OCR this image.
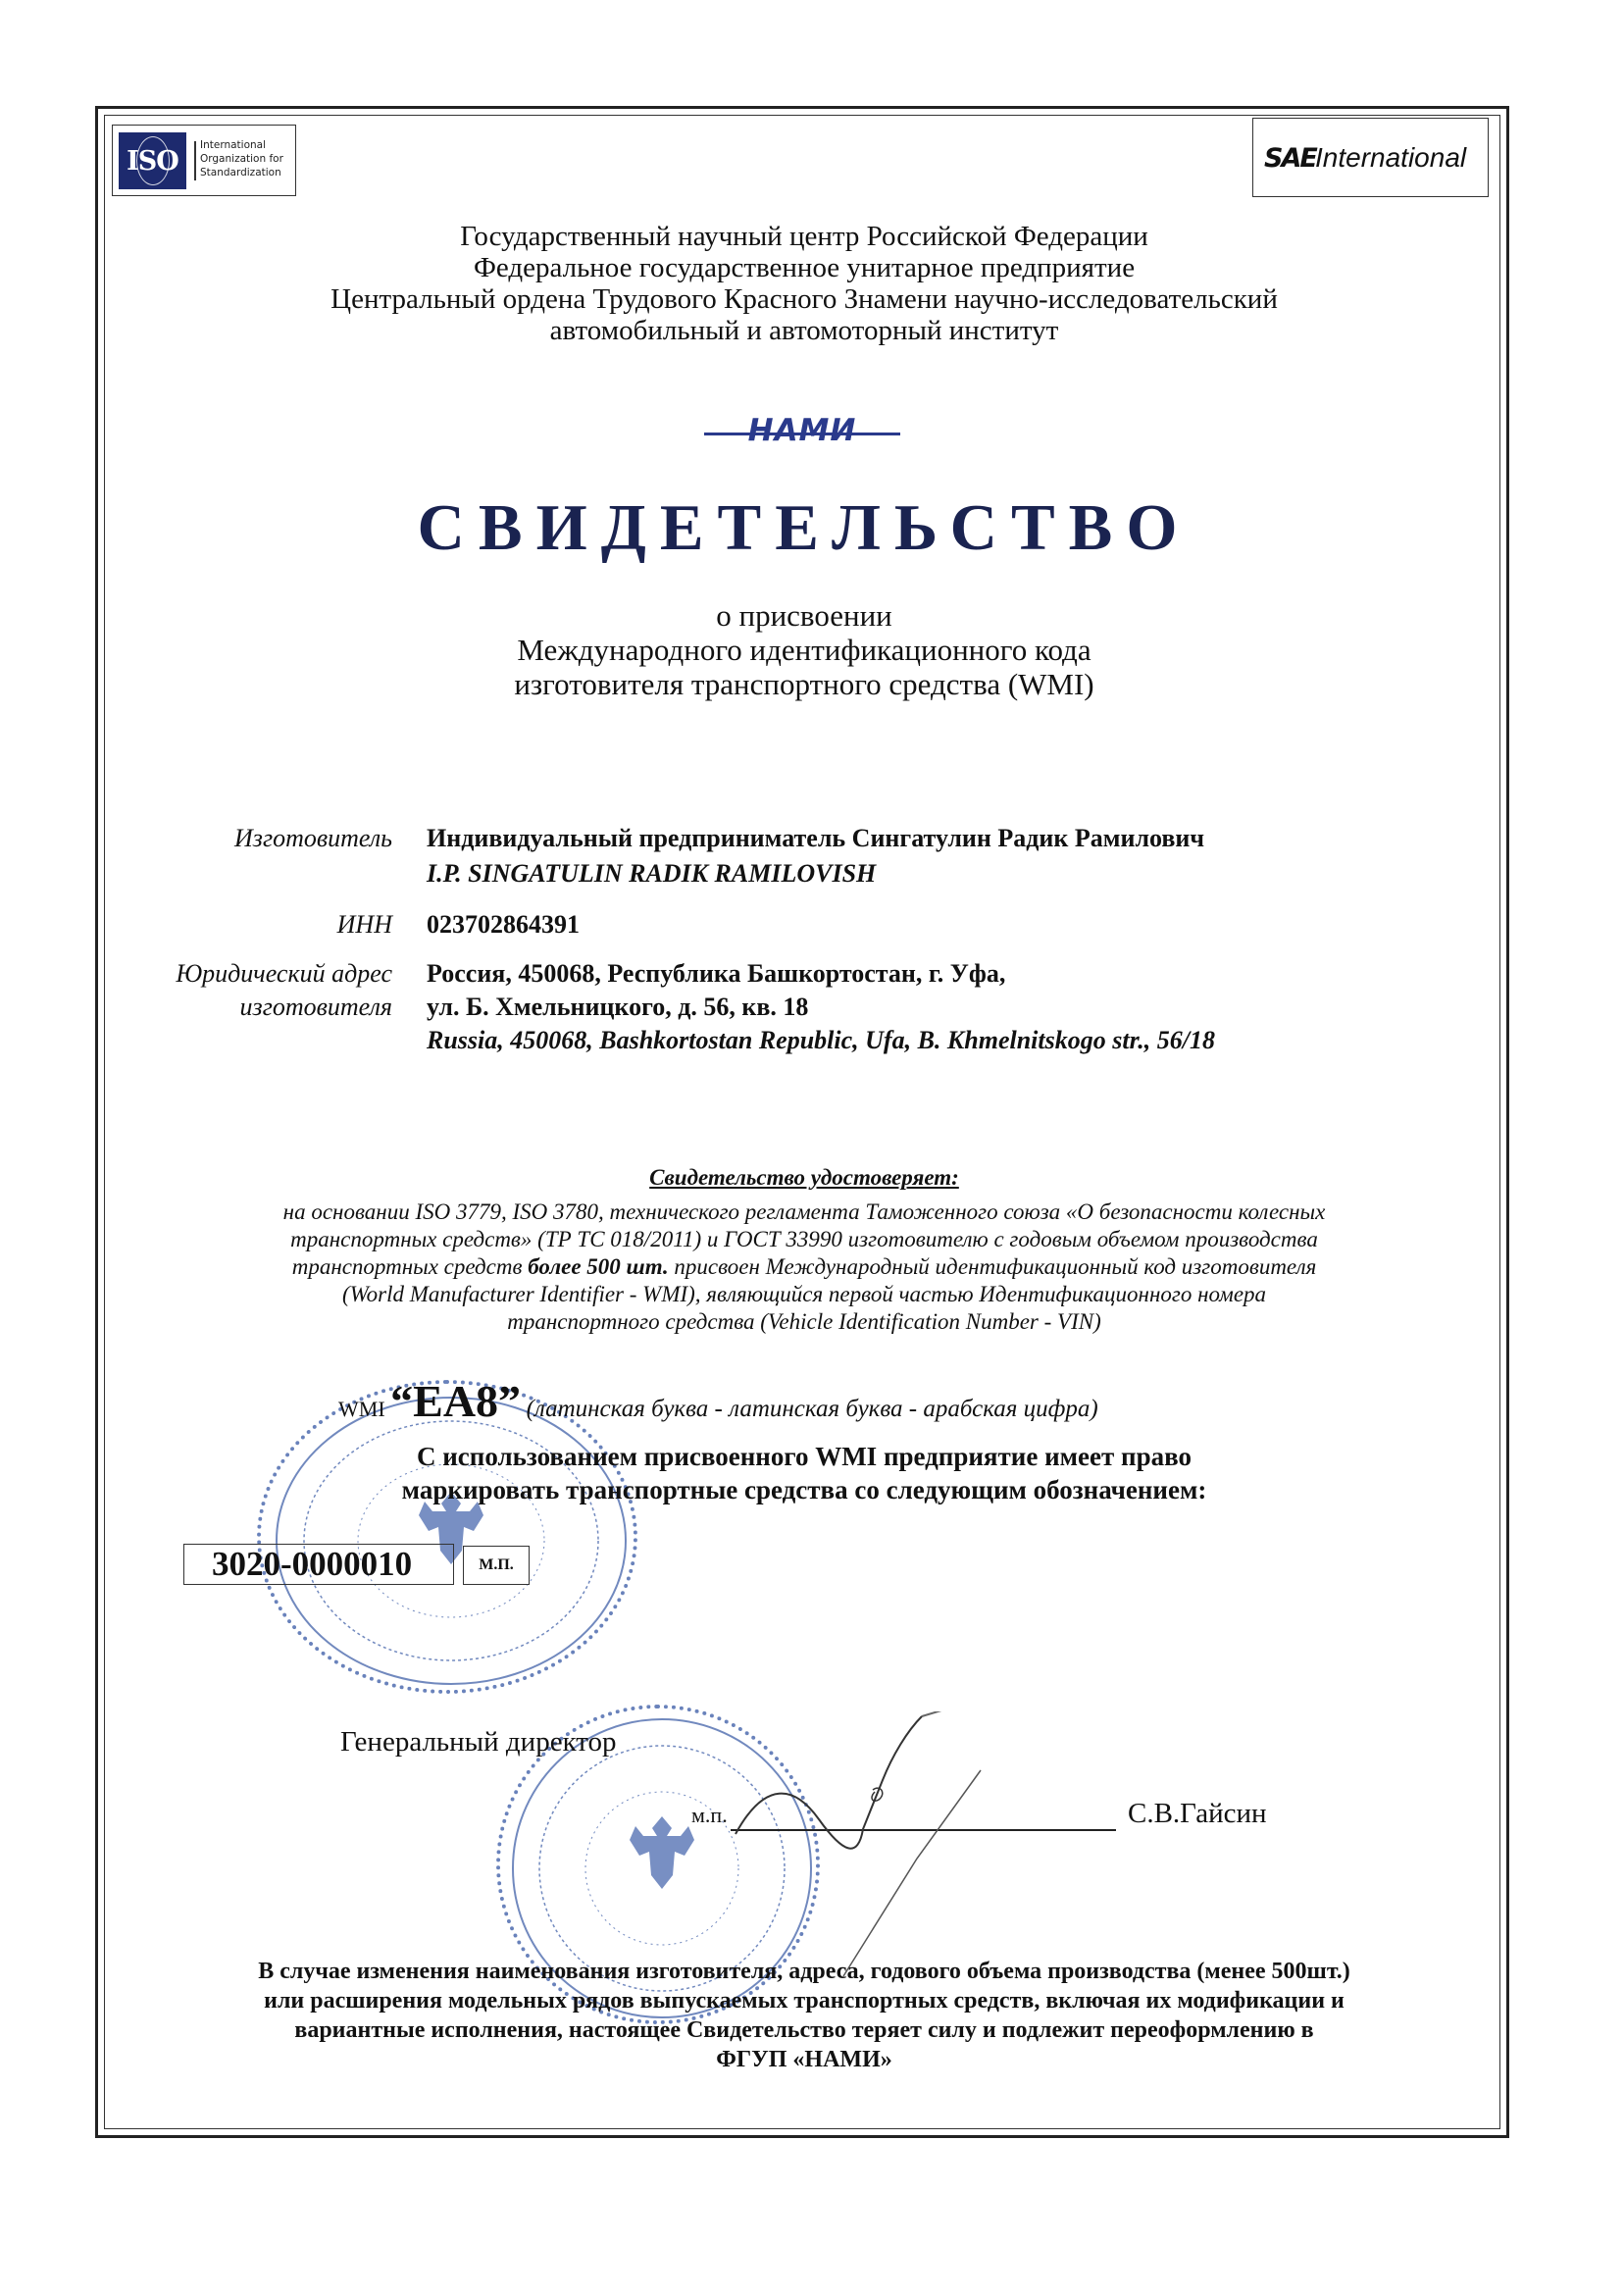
ISO
International
Organization for
Standardization	SAE International
Государственный научный центр Российской Федерации
Федеральное государственное унитарное предприятие
Центральный ордена Трудового Красного Знамени научно-исследовательский
автомобильный и автомоторный институт
НАМИ
СВИДЕТЕЛЬСТВО
о присвоении
Международного идентификационного кода
изготовителя транспортного средства (WMI)
Изготовитель Индивидуальный предприниматель Сингатулин Радик Рамилович
I.P. SINGATULIN RADIK RAMILOVISH
ИНН 023702864391
Юридический адрес
изготовителя
Россия, 450068, Республика Башкортостан, г. Уфа,
ул. Б. Хмельницкого, д. 56, кв. 18
Russia, 450068, Bashkortostan Republic, Ufa, B. Khmelnitskogo str., 56/18
Свидетельство удостоверяет:
на основании ISO 3779, ISO 3780, технического регламента Таможенного союза «О безопасности колесных
транспортных средств» (ТР ТС 018/2011) и ГОСТ 33990 изготовителю с годовым объемом производства
транспортных средств более 500 шт. присвоен Международный идентификационный код изготовителя
(World Manufacturer Identifier - WMI), являющийся первой частью Идентификационного номера
транспортного средства (Vehicle Identification Number - VIN)
WMI “EA8” (латинская буква - латинская буква - арабская цифра)
С использованием присвоенного WMI предприятие имеет право
маркировать транспортные средства со следующим обозначением:
3020-0000010	М.П.
Генеральный директор
м.п.	С.В.Гайсин
В случае изменения наименования изготовителя, адреса, годового объема производства (менее 500шт.)
или расширения модельных рядов выпускаемых транспортных средств, включая их модификации и
вариантные исполнения, настоящее Свидетельство теряет силу и подлежит переоформлению в
ФГУП «НАМИ»
